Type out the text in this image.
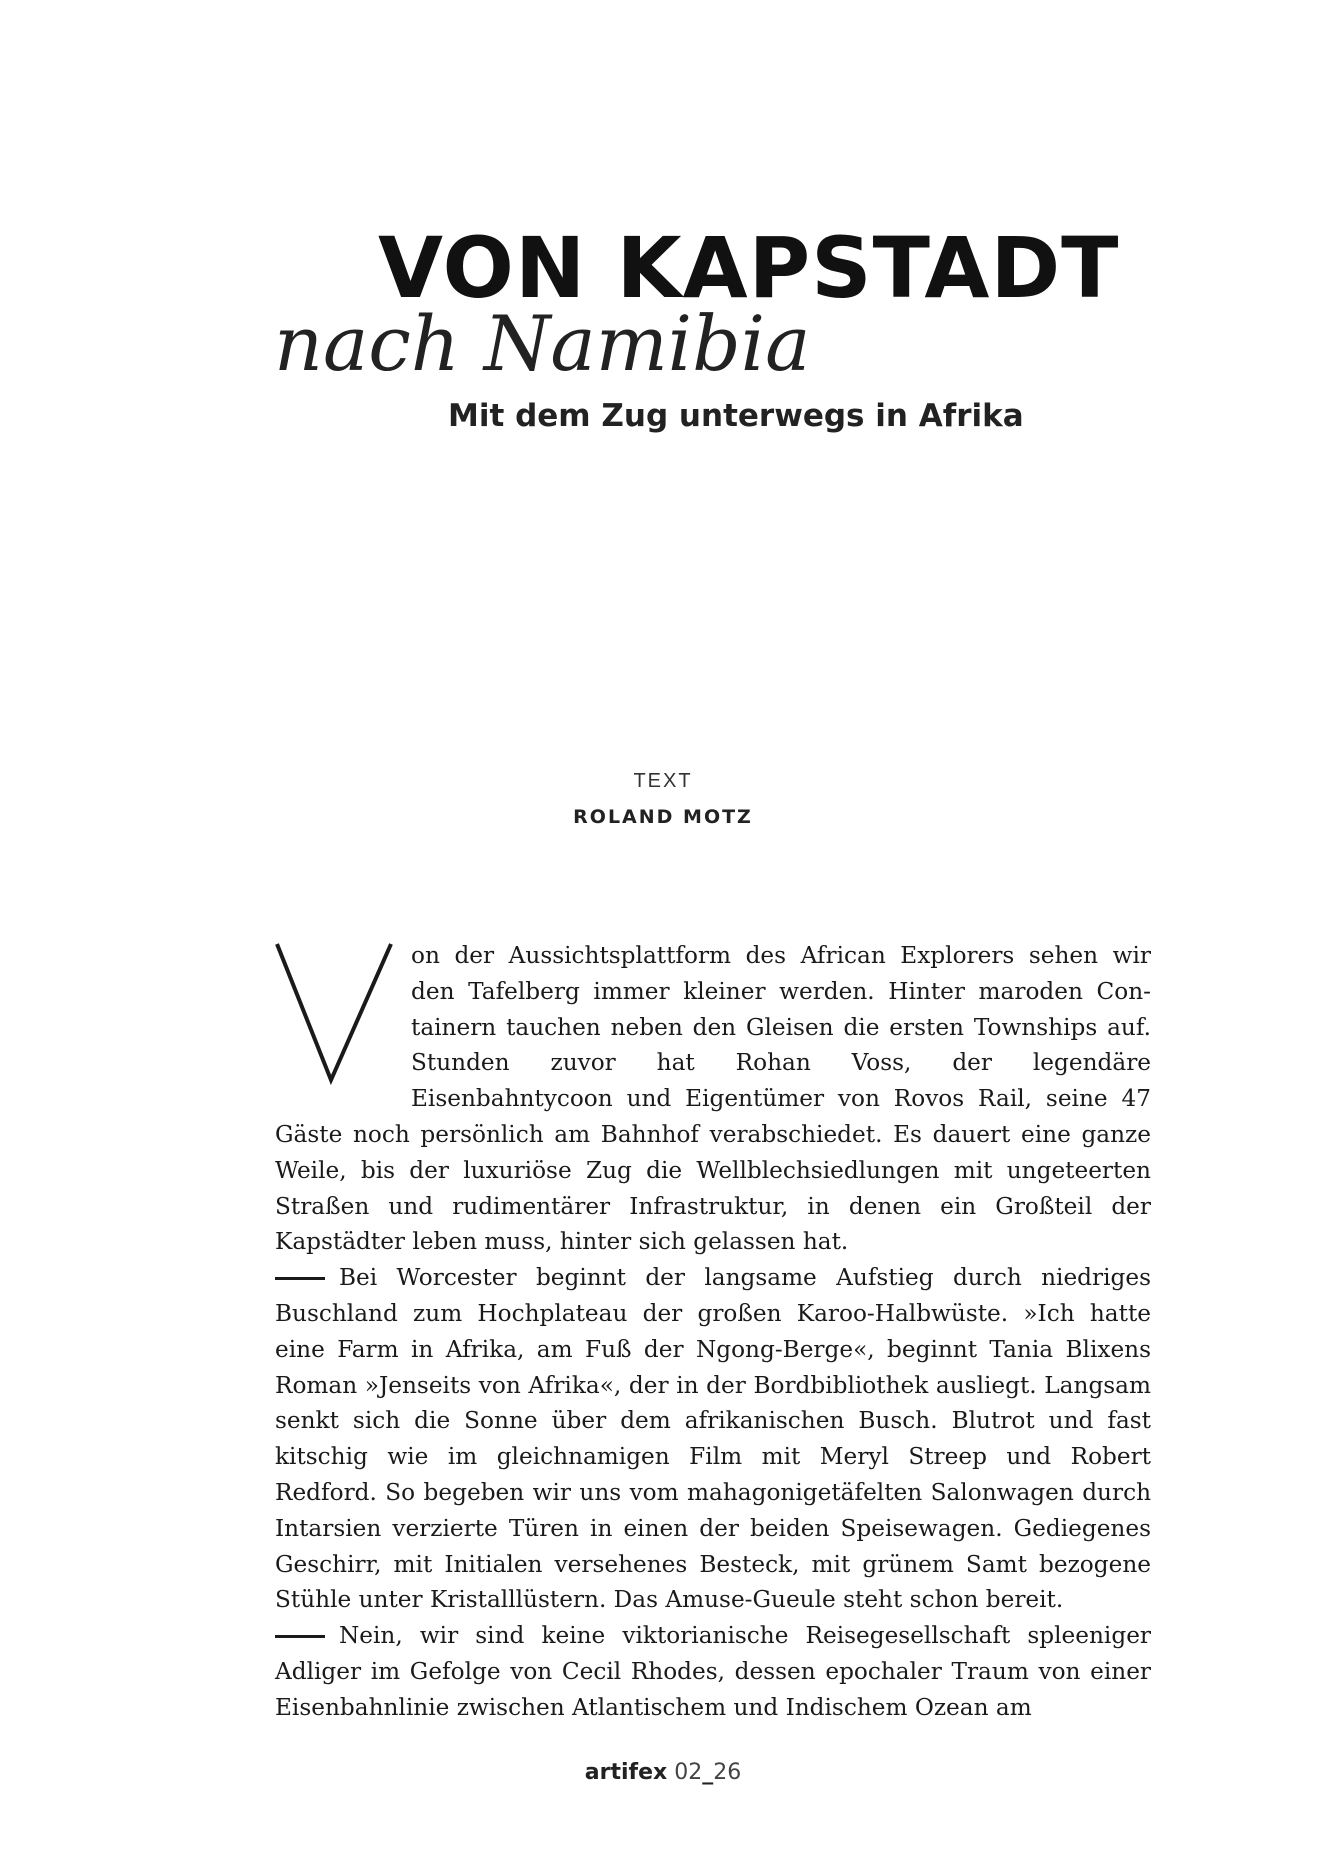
VON KAPSTADT
nach Namibia
Mit dem Zug unterwegs in Afrika
TEXT
ROLAND MOTZ

on der Aussichtsplattform des African Explorers sehen wir den Tafelberg immer kleiner werden. Hinter maroden Containern tauchen neben den Gleisen die ersten Townships auf. Stunden zuvor hat Rohan Voss, der legendäre Eisenbahntycoon und Eigentümer von Rovos Rail, seine 47 Gäste noch persönlich am Bahnhof verabschiedet. Es dauert eine ganze Weile, bis der luxuriöse Zug die Wellblechsiedlungen mit ungeteerten Straßen und rudimentärer Infrastruktur, in denen ein Großteil der Kapstädter leben muss, hinter sich gelassen hat.

Bei Worcester beginnt der langsame Aufstieg durch niedriges Buschland zum Hochplateau der großen Karoo-Halbwüste. »Ich hatte eine Farm in Afrika, am Fuß der Ngong-Berge«, beginnt Tania Blixens Roman »Jenseits von Afrika«, der in der Bordbibliothek ausliegt. Langsam senkt sich die Sonne über dem afrikanischen Busch. Blutrot und fast kitschig wie im gleichnamigen Film mit Meryl Streep und Robert Redford. So begeben wir uns vom mahagonigetäfelten Salonwagen durch Intarsien verzierte Türen in einen der beiden Speisewagen. Gediegenes Geschirr, mit Initialen versehenes Besteck, mit grünem Samt bezogene Stühle unter Kristalllüstern. Das Amuse-Gueule steht schon bereit.

Nein, wir sind keine viktorianische Reisegesellschaft spleeniger Adliger im Gefolge von Cecil Rhodes, dessen epochaler Traum von einer Eisenbahnlinie zwischen Atlantischem und Indischem Ozean am

artifex 02_26
